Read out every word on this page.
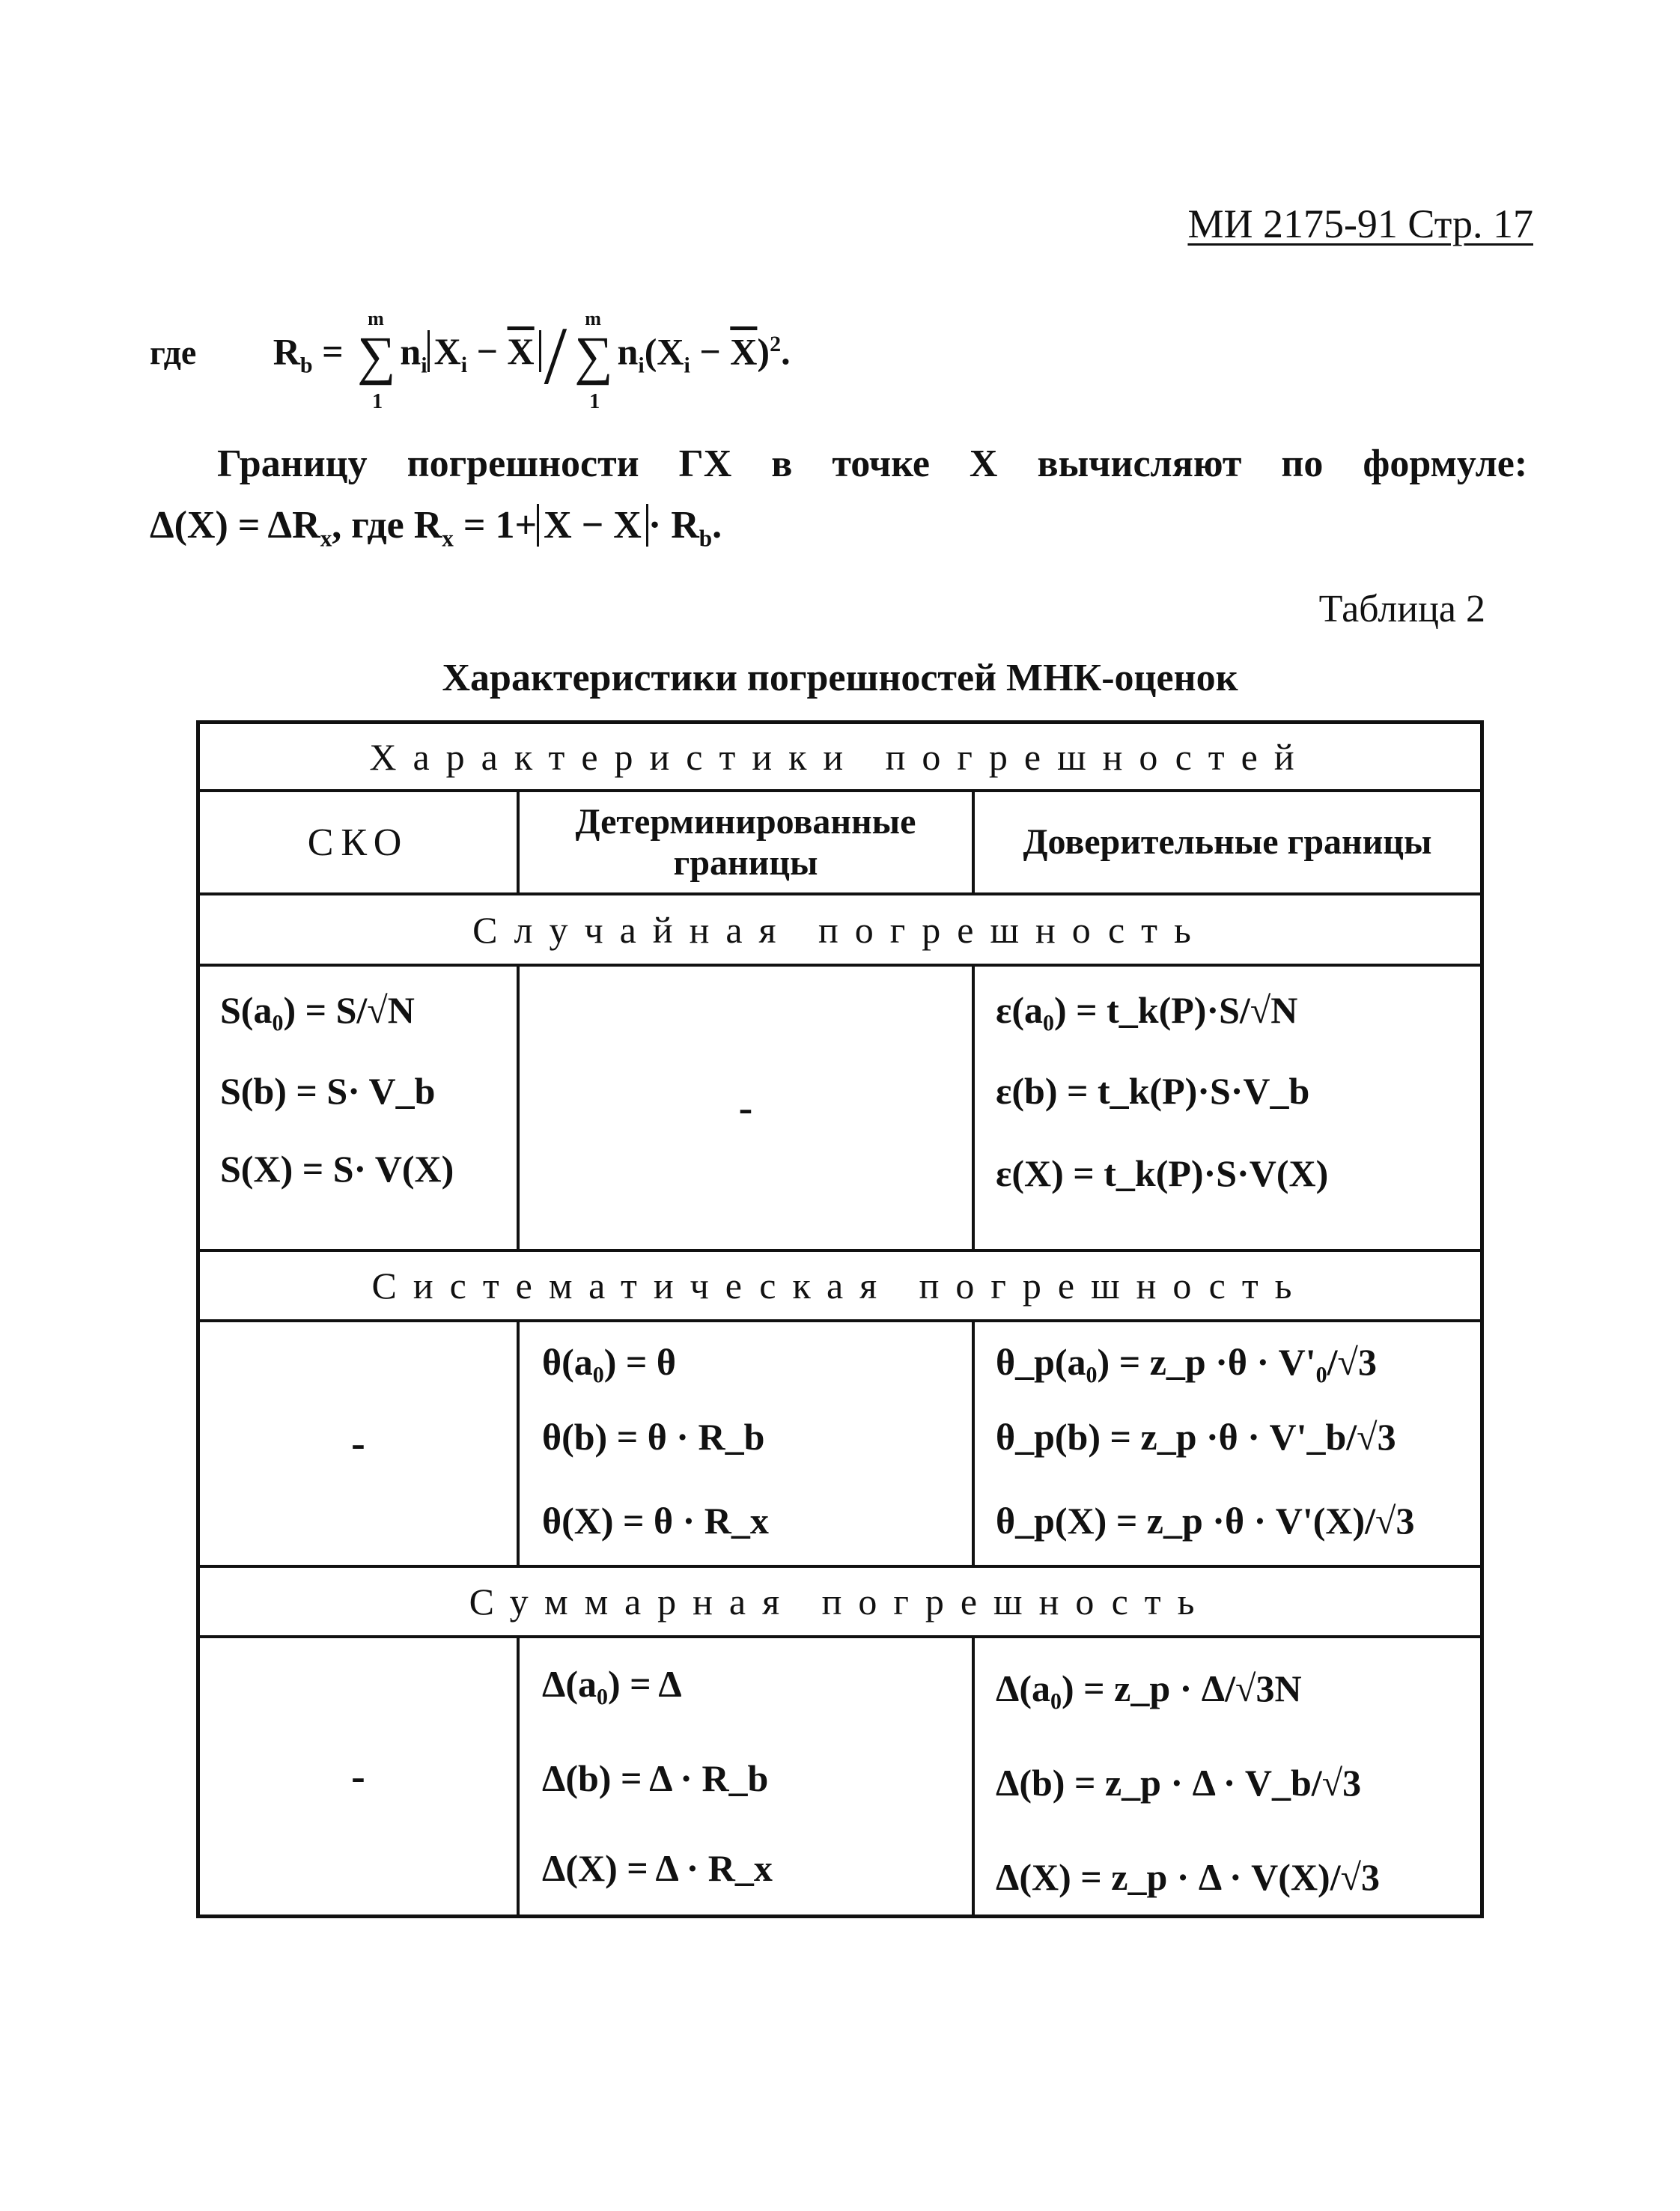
МИ 2175-91 Стр. 17
где $R_b$ = ∑
m
1
$n_i$ $X_i - \overline{X}$ / ∑
m
1
$n_i(X_i - \overline{X})^2$.
Границу погрешности ГХ в точке X вычисляют по формуле:
$\Delta(X) = \Delta R_x$, где $R_x = 1+ X - X \cdot R_b$.
Таблица 2
Характеристики погрешностей МНК-оценок
Характеристики погрешностей
СКО	Детерминированные границы
Доверительные границы
Случайная погрешность
S(a₀) = S/√N
S(b) = S· V_b
S(X) = S· V(X)
-
ε(a₀) = t_k(P)·S/√N
ε(b) = t_k(P)·S·V_b
ε(X) = t_k(P)·S·V(X)
Систематическая погрешность
-
θ(a₀) = θ
θ(b) = θ · R_b
θ(X) = θ · R_x
θ_p(a₀) = z_p ·θ · V'₀/√3
θ_p(b) = z_p ·θ · V'_b/√3
θ_p(X) = z_p ·θ · V'(X)/√3
Суммарная погрешность
-
Δ(a₀) = Δ
Δ(b) = Δ · R_b
Δ(X) = Δ · R_x
Δ(a₀) = z_p · Δ/√3N
Δ(b) = z_p · Δ · V_b/√3
Δ(X) = z_p · Δ · V(X)/√3
